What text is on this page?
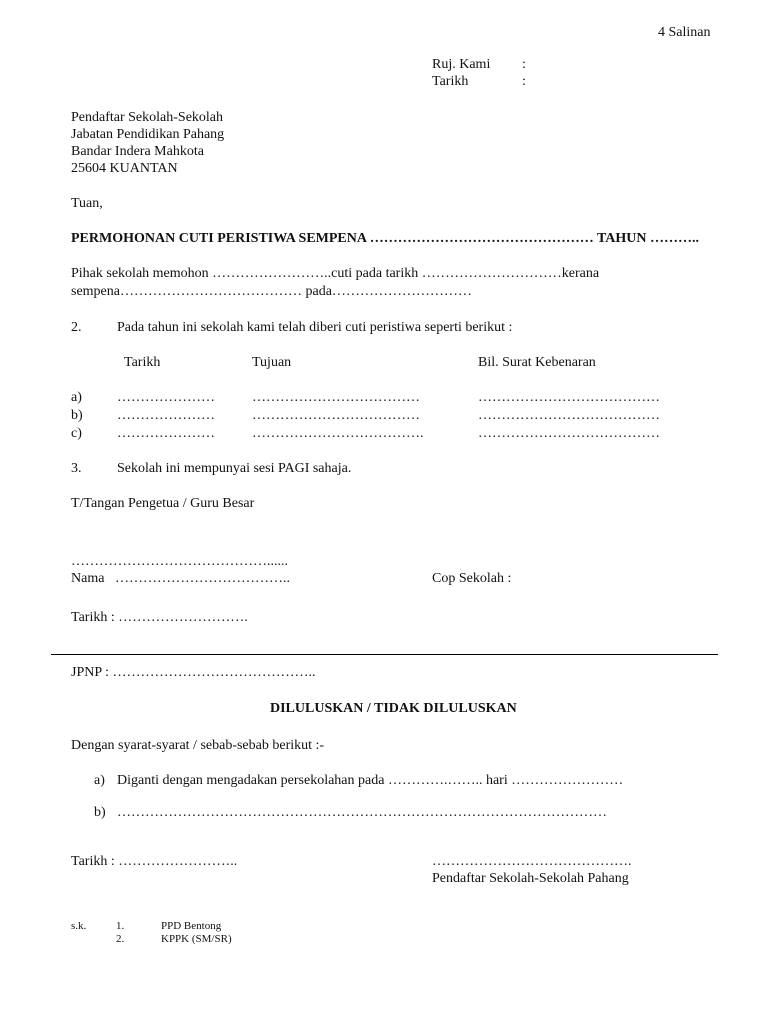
4 Salinan
Ruj. Kami :
Tarikh	:
Pendaftar Sekolah-Sekolah
Jabatan Pendidikan Pahang
Bandar Indera Mahkota
25604 KUANTAN
Tuan,
PERMOHONAN CUTI PERISTIWA SEMPENA ………………………………………… TAHUN ………..
Pihak sekolah memohon ……………………..cuti pada tarikh …………………………kerana
sempena………………………………… pada…………………………
2.	Pada tahun ini sekolah kami telah diberi cuti peristiwa seperti berikut :
Tarikh	Tujuan	Bil. Surat Kebenaran
a)	…………………	………………………………	…………………………………
b) …………………	………………………………	…………………………………
c)	…………………	……………………………….	…………………………………
3.	Sekolah ini mempunyai sesi PAGI sahaja.
T/Tangan Pengetua / Guru Besar
……………………………………......
Nama ………………………………..	Cop Sekolah :
Tarikh : ……………………….
JPNP : ……………………………………..
DILULUSKAN / TIDAK DILULUSKAN
Dengan syarat-syarat / sebab-sebab berikut :-
a) Diganti dengan mengadakan persekolahan pada ………….…….. hari ……………………
b) ……………………………………………………………………………………………
Tarikh : ……………………..	…………………………………….
Pendaftar Sekolah-Sekolah Pahang
s.k.	1.	PPD Bentong
2.	KPPK (SM/SR)
